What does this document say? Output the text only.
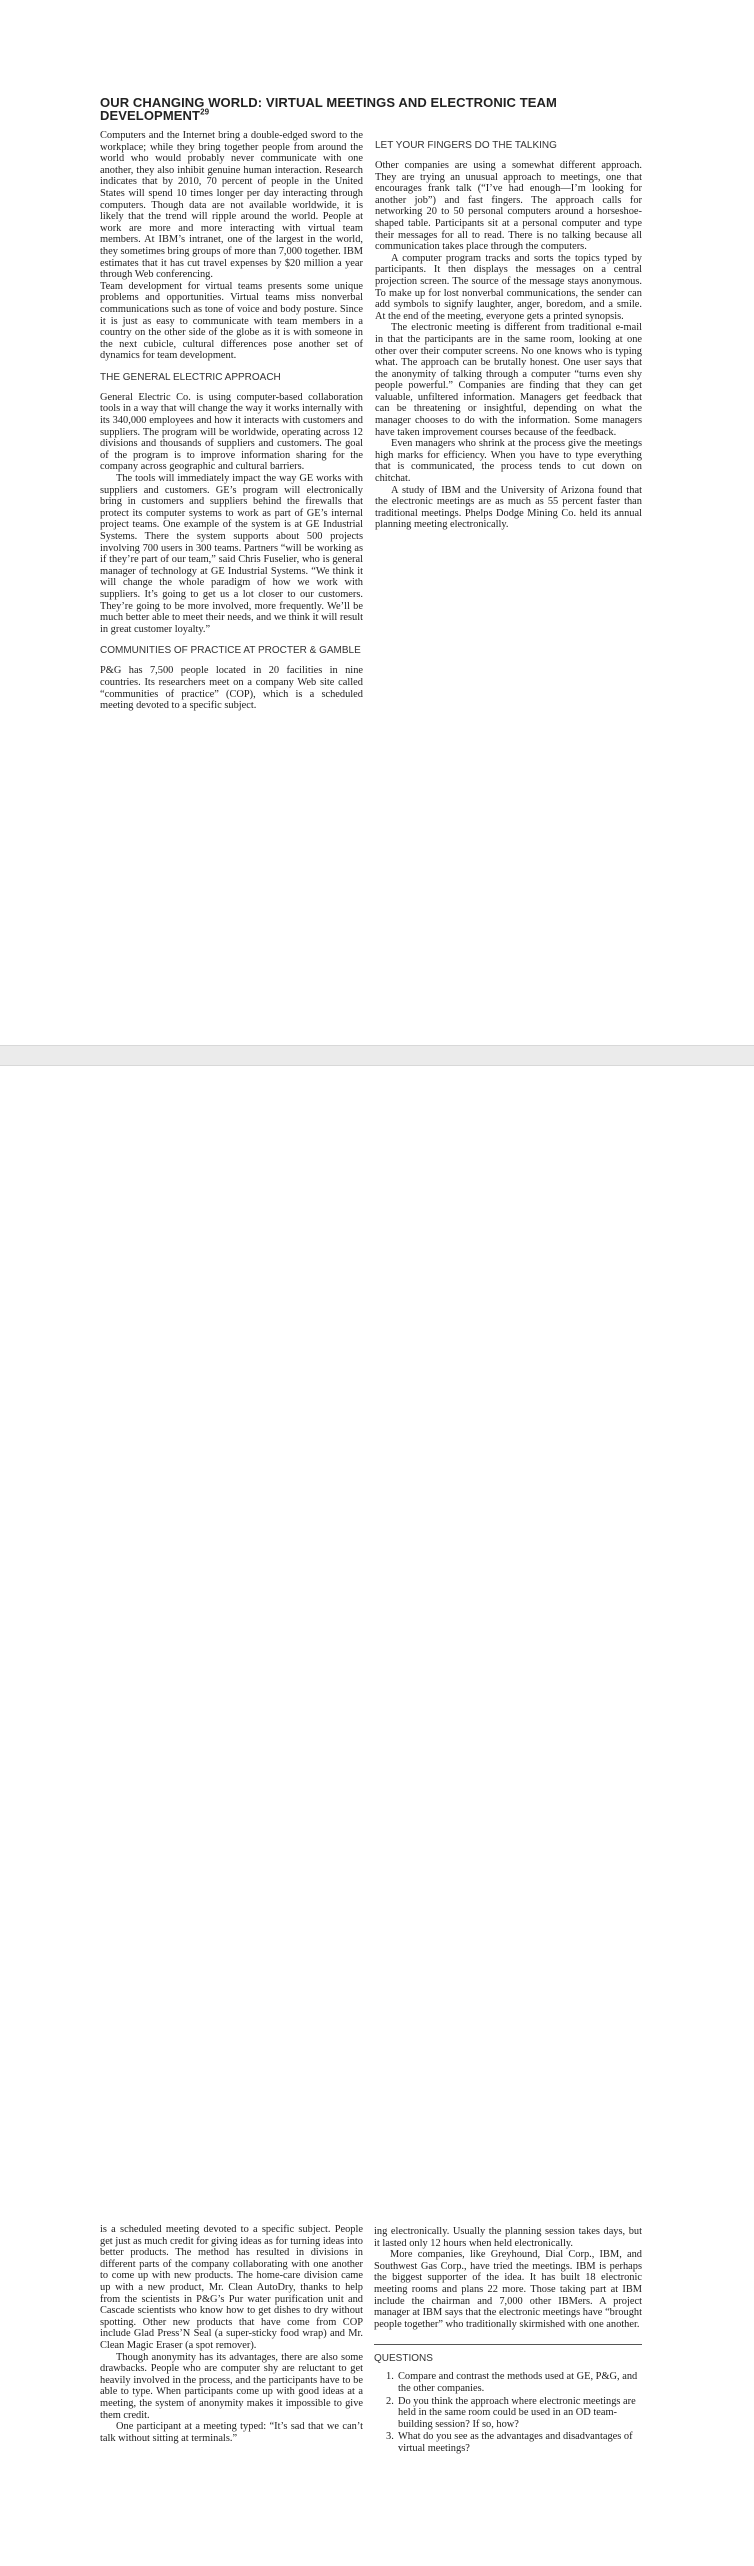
OUR CHANGING WORLD: VIRTUAL MEETINGS AND ELECTRONIC TEAM DEVELOPMENT$^{29}$

Computers and the Internet bring a double-edged sword to the workplace; while they bring together people from around the world who would probably never communicate with one another, they also inhibit genuine human interaction. Research indicates that by 2010, 70 percent of people in the United States will spend 10 times longer per day interacting through computers. Though data are not available worldwide, it is likely that the trend will ripple around the world. People at work are more and more interacting with virtual team members. At IBM’s intranet, one of the largest in the world, they sometimes bring groups of more than 7,000 together. IBM estimates that it has cut travel expenses by $20 million a year through Web conferencing.

Team development for virtual teams presents some unique problems and opportunities. Virtual teams miss nonverbal communications such as tone of voice and body posture. Since it is just as easy to communicate with team members in a country on the other side of the globe as it is with someone in the next cubicle, cultural differences pose another set of dynamics for team development.

THE GENERAL ELECTRIC APPROACH

General Electric Co. is using computer-based collaboration tools in a way that will change the way it works internally with its 340,000 employees and how it interacts with customers and suppliers. The program will be worldwide, operating across 12 divisions and thousands of suppliers and customers. The goal of the program is to improve information sharing for the company across geographic and cultural barriers.

The tools will immediately impact the way GE works with suppliers and customers. GE’s program will electronically bring in customers and suppliers behind the firewalls that protect its computer systems to work as part of GE’s internal project teams. One example of the system is at GE Industrial Systems. There the system supports about 500 projects involving 700 users in 300 teams. Partners “will be working as if they’re part of our team,” said Chris Fuselier, who is general manager of technology at GE Industrial Systems. “We think it will change the whole paradigm of how we work with suppliers. It’s going to get us a lot closer to our customers. They’re going to be more involved, more frequently. We’ll be much better able to meet their needs, and we think it will result in great customer loyalty.”

COMMUNITIES OF PRACTICE AT PROCTER & GAMBLE

P&G has 7,500 people located in 20 facilities in nine countries. Its researchers meet on a company Web site called “communities of practice” (COP), which is a scheduled meeting devoted to a specific subject.

LET YOUR FINGERS DO THE TALKING

Other companies are using a somewhat different approach. They are trying an unusual approach to meetings, one that encourages frank talk (“I’ve had enough—I’m looking for another job”) and fast fingers. The approach calls for networking 20 to 50 personal computers around a horseshoe-shaped table. Participants sit at a personal computer and type their messages for all to read. There is no talking because all communication takes place through the computers.

A computer program tracks and sorts the topics typed by participants. It then displays the messages on a central projection screen. The source of the message stays anonymous. To make up for lost nonverbal communications, the sender can add symbols to signify laughter, anger, boredom, and a smile. At the end of the meeting, everyone gets a printed synopsis.

The electronic meeting is different from traditional e-mail in that the participants are in the same room, looking at one other over their computer screens. No one knows who is typing what. The approach can be brutally honest. One user says that the anonymity of talking through a computer “turns even shy people powerful.” Companies are finding that they can get valuable, unfiltered information. Managers get feedback that can be threatening or insightful, depending on what the manager chooses to do with the information. Some managers have taken improvement courses because of the feedback.

Even managers who shrink at the process give the meetings high marks for efficiency. When you have to type everything that is communicated, the process tends to cut down on chitchat.

A study of IBM and the University of Arizona found that the electronic meetings are as much as 55 percent faster than traditional meetings. Phelps Dodge Mining Co. held its annual planning meeting electronically.

is a scheduled meeting devoted to a specific subject. People get just as much credit for giving ideas as for turning ideas into better products. The method has resulted in divisions in different parts of the company collaborating with one another to come up with new products. The home-care division came up with a new product, Mr. Clean AutoDry, thanks to help from the scientists in P&G’s Pur water purification unit and Cascade scientists who know how to get dishes to dry without spotting. Other new products that have come from COP include Glad Press’N Seal (a super-sticky food wrap) and Mr. Clean Magic Eraser (a spot remover).

Though anonymity has its advantages, there are also some drawbacks. People who are computer shy are reluctant to get heavily involved in the process, and the participants have to be able to type. When participants come up with good ideas at a meeting, the system of anonymity makes it impossible to give them credit.

One participant at a meeting typed: “It’s sad that we can’t talk without sitting at terminals.”

ing electronically. Usually the planning session takes days, but it lasted only 12 hours when held electronically.

More companies, like Greyhound, Dial Corp., IBM, and Southwest Gas Corp., have tried the meetings. IBM is perhaps the biggest supporter of the idea. It has built 18 electronic meeting rooms and plans 22 more. Those taking part at IBM include the chairman and 7,000 other IBMers. A project manager at IBM says that the electronic meetings have “brought people together” who traditionally skirmished with one another.

QUESTIONS
1. Compare and contrast the methods used at GE, P&G, and the other companies.
2. Do you think the approach where electronic meetings are held in the same room could be used in an OD team-building session? If so, how?
3. What do you see as the advantages and disadvantages of virtual meetings?
